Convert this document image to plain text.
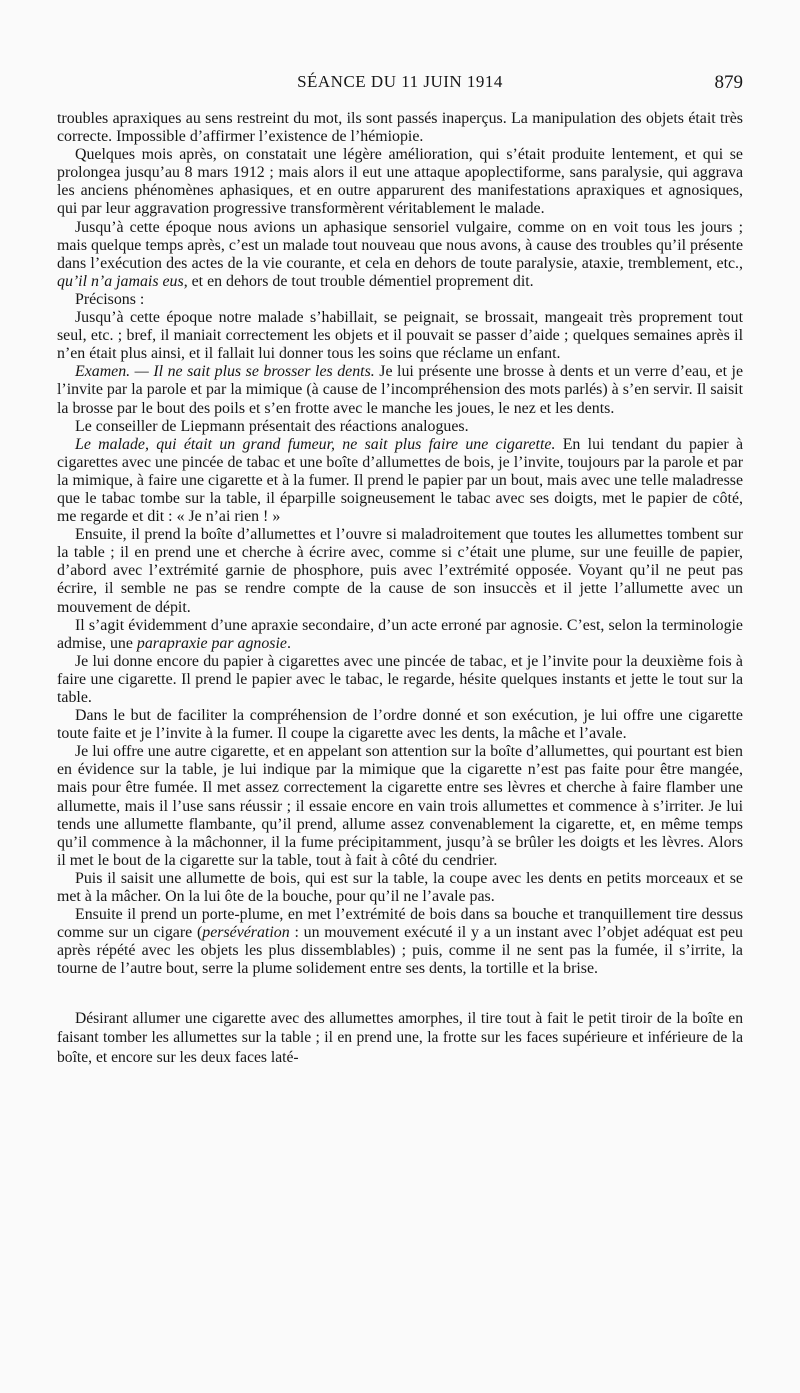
SÉANCE DU 11 JUIN 1914	879

troubles apraxiques au sens restreint du mot, ils sont passés inaperçus. La manipulation des objets était très correcte. Impossible d’affirmer l’existence de l’hémiopie.

Quelques mois après, on constatait une légère amélioration, qui s’était produite lentement, et qui se prolongea jusqu’au 8 mars 1912 ; mais alors il eut une attaque apoplectiforme, sans paralysie, qui aggrava les anciens phénomènes aphasiques, et en outre apparurent des manifestations apraxiques et agnosiques, qui par leur aggravation progressive transformèrent véritablement le malade.

Jusqu’à cette époque nous avions un aphasique sensoriel vulgaire, comme on en voit tous les jours ; mais quelque temps après, c’est un malade tout nouveau que nous avons, à cause des troubles qu’il présente dans l’exécution des actes de la vie courante, et cela en dehors de toute paralysie, ataxie, tremblement, etc., qu’il n’a jamais eus, et en dehors de tout trouble démentiel proprement dit.

Précisons :

Jusqu’à cette époque notre malade s’habillait, se peignait, se brossait, mangeait très proprement tout seul, etc. ; bref, il maniait correctement les objets et il pouvait se passer d’aide ; quelques semaines après il n’en était plus ainsi, et il fallait lui donner tous les soins que réclame un enfant.

Examen. — Il ne sait plus se brosser les dents. Je lui présente une brosse à dents et un verre d’eau, et je l’invite par la parole et par la mimique (à cause de l’incompréhension des mots parlés) à s’en servir. Il saisit la brosse par le bout des poils et s’en frotte avec le manche les joues, le nez et les dents.

Le conseiller de Liepmann présentait des réactions analogues.

Le malade, qui était un grand fumeur, ne sait plus faire une cigarette. En lui tendant du papier à cigarettes avec une pincée de tabac et une boîte d’allumettes de bois, je l’invite, toujours par la parole et par la mimique, à faire une cigarette et à la fumer. Il prend le papier par un bout, mais avec une telle maladresse que le tabac tombe sur la table, il éparpille soigneusement le tabac avec ses doigts, met le papier de côté, me regarde et dit : « Je n’ai rien ! »

Ensuite, il prend la boîte d’allumettes et l’ouvre si maladroitement que toutes les allumettes tombent sur la table ; il en prend une et cherche à écrire avec, comme si c’était une plume, sur une feuille de papier, d’abord avec l’extrémité garnie de phosphore, puis avec l’extrémité opposée. Voyant qu’il ne peut pas écrire, il semble ne pas se rendre compte de la cause de son insuccès et il jette l’allumette avec un mouvement de dépit.

Il s’agit évidemment d’une apraxie secondaire, d’un acte erroné par agnosie. C’est, selon la terminologie admise, une parapraxie par agnosie.

Je lui donne encore du papier à cigarettes avec une pincée de tabac, et je l’invite pour la deuxième fois à faire une cigarette. Il prend le papier avec le tabac, le regarde, hésite quelques instants et jette le tout sur la table.

Dans le but de faciliter la compréhension de l’ordre donné et son exécution, je lui offre une cigarette toute faite et je l’invite à la fumer. Il coupe la cigarette avec les dents, la mâche et l’avale.

Je lui offre une autre cigarette, et en appelant son attention sur la boîte d’allumettes, qui pourtant est bien en évidence sur la table, je lui indique par la mimique que la cigarette n’est pas faite pour être mangée, mais pour être fumée. Il met assez correctement la cigarette entre ses lèvres et cherche à faire flamber une allumette, mais il l’use sans réussir ; il essaie encore en vain trois allumettes et commence à s’irriter. Je lui tends une allumette flambante, qu’il prend, allume assez convenablement la cigarette, et, en même temps qu’il commence à la mâchonner, il la fume précipitamment, jusqu’à se brûler les doigts et les lèvres. Alors il met le bout de la cigarette sur la table, tout à fait à côté du cendrier.

Puis il saisit une allumette de bois, qui est sur la table, la coupe avec les dents en petits morceaux et se met à la mâcher. On la lui ôte de la bouche, pour qu’il ne l’avale pas.

Ensuite il prend un porte-plume, en met l’extrémité de bois dans sa bouche et tranquillement tire dessus comme sur un cigare (persévération : un mouvement exécuté il y a un instant avec l’objet adéquat est peu après répété avec les objets les plus dissemblables) ; puis, comme il ne sent pas la fumée, il s’irrite, la tourne de l’autre bout, serre la plume solidement entre ses dents, la tortille et la brise.

Désirant allumer une cigarette avec des allumettes amorphes, il tire tout à fait le petit tiroir de la boîte en faisant tomber les allumettes sur la table ; il en prend une, la frotte sur les faces supérieure et inférieure de la boîte, et encore sur les deux faces laté-
